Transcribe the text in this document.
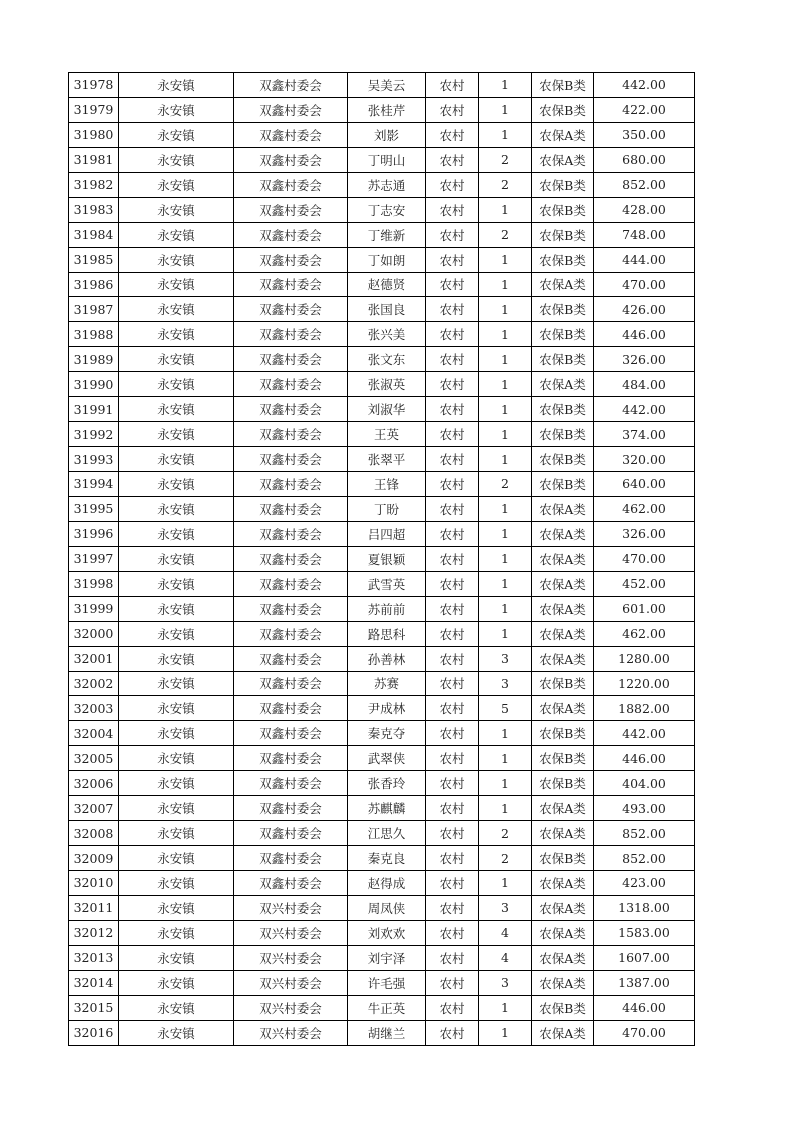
31978	永安镇	双鑫村委会	吴美云	农村	1	农保B类	442.00
31979	永安镇	双鑫村委会	张桂芹	农村	1	农保B类	422.00
31980	永安镇	双鑫村委会	刘影	农村	1	农保A类	350.00
31981	永安镇	双鑫村委会	丁明山	农村	2	农保A类	680.00
31982	永安镇	双鑫村委会	苏志通	农村	2	农保B类	852.00
31983	永安镇	双鑫村委会	丁志安	农村	1	农保B类	428.00
31984	永安镇	双鑫村委会	丁维新	农村	2	农保B类	748.00
31985	永安镇	双鑫村委会	丁如朗	农村	1	农保B类	444.00
31986	永安镇	双鑫村委会	赵德贤	农村	1	农保A类	470.00
31987	永安镇	双鑫村委会	张国良	农村	1	农保B类	426.00
31988	永安镇	双鑫村委会	张兴美	农村	1	农保B类	446.00
31989	永安镇	双鑫村委会	张文东	农村	1	农保B类	326.00
31990	永安镇	双鑫村委会	张淑英	农村	1	农保A类	484.00
31991	永安镇	双鑫村委会	刘淑华	农村	1	农保B类	442.00
31992	永安镇	双鑫村委会	王英	农村	1	农保B类	374.00
31993	永安镇	双鑫村委会	张翠平	农村	1	农保B类	320.00
31994	永安镇	双鑫村委会	王锋	农村	2	农保B类	640.00
31995	永安镇	双鑫村委会	丁盼	农村	1	农保A类	462.00
31996	永安镇	双鑫村委会	吕四超	农村	1	农保A类	326.00
31997	永安镇	双鑫村委会	夏银颖	农村	1	农保A类	470.00
31998	永安镇	双鑫村委会	武雪英	农村	1	农保A类	452.00
31999	永安镇	双鑫村委会	苏前前	农村	1	农保A类	601.00
32000	永安镇	双鑫村委会	路思科	农村	1	农保A类	462.00
32001	永安镇	双鑫村委会	孙善林	农村	3	农保A类	1280.00
32002	永安镇	双鑫村委会	苏赛	农村	3	农保B类	1220.00
32003	永安镇	双鑫村委会	尹成林	农村	5	农保A类	1882.00
32004	永安镇	双鑫村委会	秦克夺	农村	1	农保B类	442.00
32005	永安镇	双鑫村委会	武翠侠	农村	1	农保B类	446.00
32006	永安镇	双鑫村委会	张香玲	农村	1	农保B类	404.00
32007	永安镇	双鑫村委会	苏麒麟	农村	1	农保A类	493.00
32008	永安镇	双鑫村委会	江思久	农村	2	农保A类	852.00
32009	永安镇	双鑫村委会	秦克良	农村	2	农保B类	852.00
32010	永安镇	双鑫村委会	赵得成	农村	1	农保A类	423.00
32011	永安镇	双兴村委会	周凤侠	农村	3	农保A类	1318.00
32012	永安镇	双兴村委会	刘欢欢	农村	4	农保A类	1583.00
32013	永安镇	双兴村委会	刘宇泽	农村	4	农保A类	1607.00
32014	永安镇	双兴村委会	许毛强	农村	3	农保A类	1387.00
32015	永安镇	双兴村委会	牛正英	农村	1	农保B类	446.00
32016	永安镇	双兴村委会	胡继兰	农村	1	农保A类	470.00
